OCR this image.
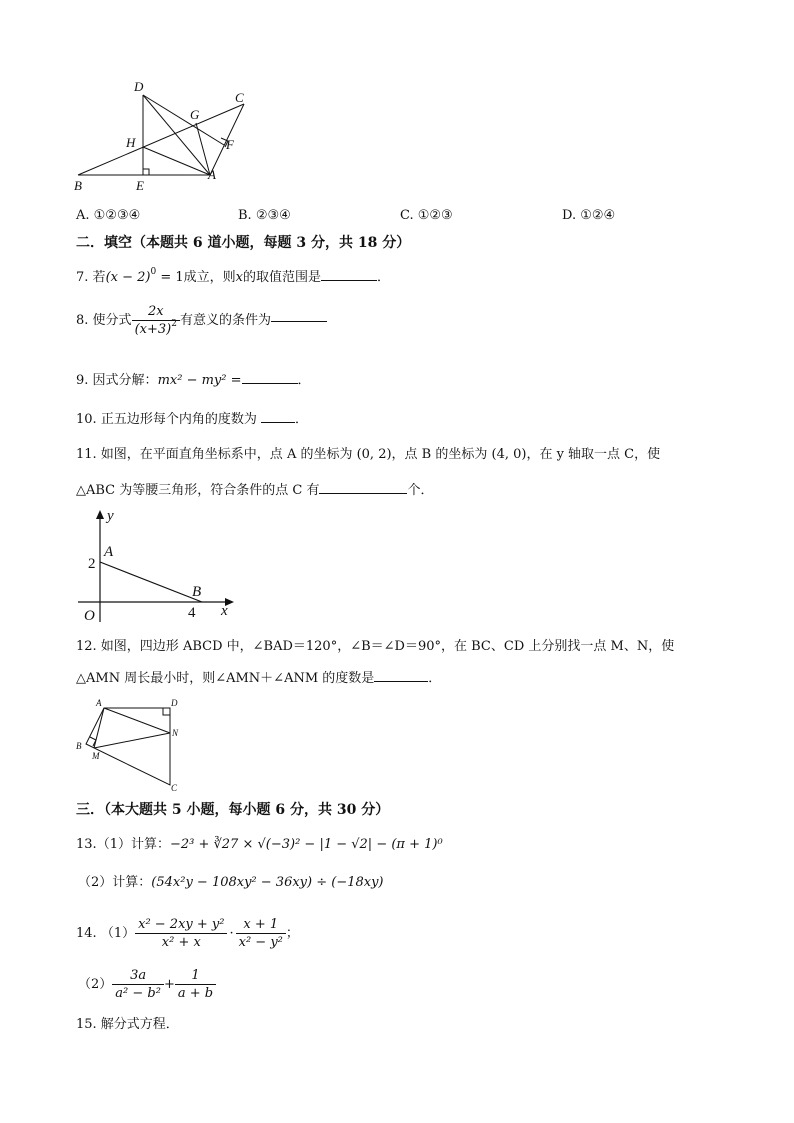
D
C
G
H	F
B	E
A
A. ①②③④	B. ②③④	C. ①②③	D. ①②④
二．填空（本题共 6 道小题，每题 3 分，共 18 分）
7. 若$(x - 2)^0 = 1$成立，则x的取值范围是	．
8. 使分式 $\frac{2x}{(x+3)^2}$ 有意义的条件为
9. 因式分解：mx² − my² =	．
10. 正五边形每个内角的度数为	．
11. 如图，在平面直角坐标系中，点 A 的坐标为 (0, 2)，点 B 的坐标为 (4, 0)，在 y 轴取一点 C，使
△ABC 为等腰三角形，符合条件的点 C 有	个．
y
x
O
A
B
2
4
12. 如图，四边形 ABCD 中，∠BAD＝120°，∠B＝∠D＝90°，在 BC、CD 上分别找一点 M、N，使
△AMN 周长最小时，则∠AMN＋∠ANM 的度数是	．
A	D
B
M
N
C
三．（本大题共 5 小题，每小题 6 分，共 30 分）
13.（1）计算：−2³ + ∛27 × √(−3)² − |1 − √2| − (π + 1)⁰
（2）计算：(54x²y − 108xy² − 36xy) ÷ (−18xy)
14. $(1) \frac{\text{x² − 2xy + y²}}{\text{x² + x}} \cdot \frac{x + 1}{\text{x² − y²}}$ ；
$(2) \frac{3a}{\text{a² − b²}} + \frac{1}{a + b}$
15. 解分式方程．
